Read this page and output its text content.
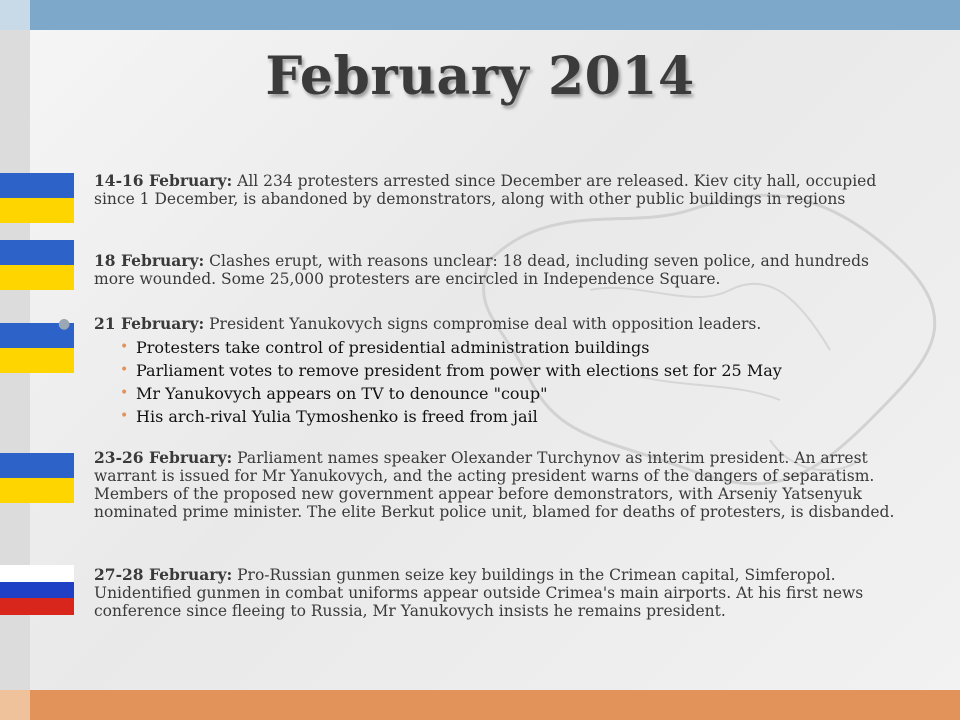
February 2014
14-16 February: All 234 protesters arrested since December are released. Kiev city hall, occupied since 1 December, is abandoned by demonstrators, along with other public buildings in regions
18 February: Clashes erupt, with reasons unclear: 18 dead, including seven police, and hundreds more wounded. Some 25,000 protesters are encircled in Independence Square.
● 21 February: President Yanukovych signs compromise deal with opposition leaders.
23-26 February: Parliament names speaker Olexander Turchynov as interim president. An arrest warrant is issued for Mr Yanukovych, and the acting president warns of the dangers of separatism. Members of the proposed new government appear before demonstrators, with Arseniy Yatsenyuk nominated prime minister. The elite Berkut police unit, blamed for deaths of protesters, is disbanded.
27-28 February: Pro-Russian gunmen seize key buildings in the Crimean capital, Simferopol. Unidentified gunmen in combat uniforms appear outside Crimea's main airports. At his first news conference since fleeing to Russia, Mr Yanukovych insists he remains president.
• Protesters take control of presidential administration buildings
• Parliament votes to remove president from power with elections set for 25 May
• Mr Yanukovych appears on TV to denounce "coup"
• His arch-rival Yulia Tymoshenko is freed from jail
